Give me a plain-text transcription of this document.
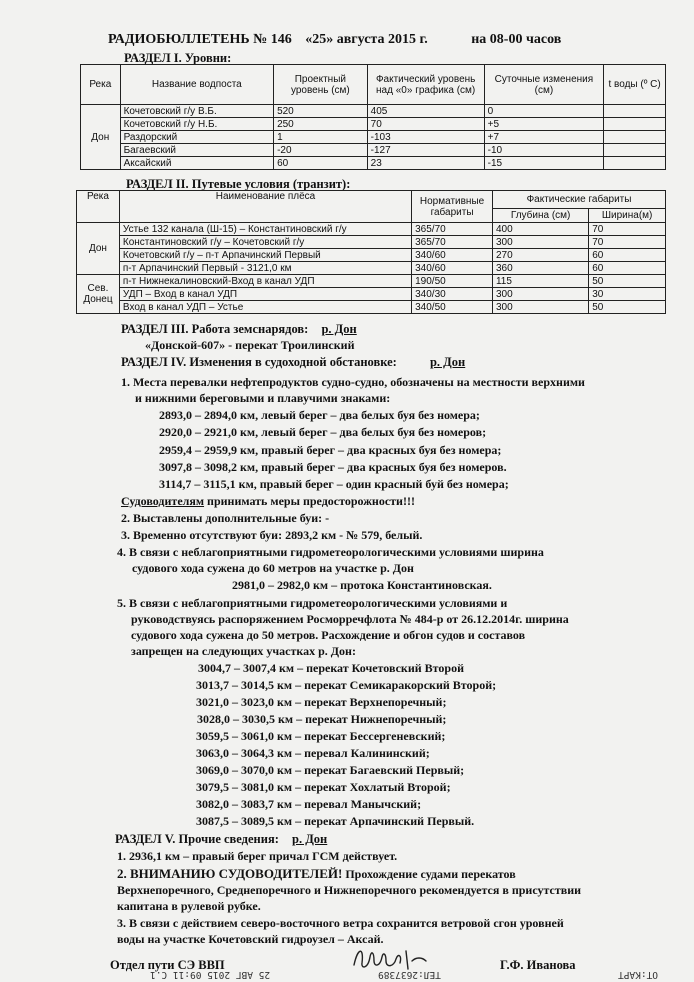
РАДИОБЮЛЛЕТЕНЬ № 146 «25» августа 2015 г.	на 08-00 часов
РАЗДЕЛ I. Уровни:
Река	Название водпоста	Проектный уровень (см)	Фактический уровень над «0» графика (см)	Суточные изменения (см)	t воды (º С)
Дон	Кочетовский г/у В.Б.	520	405	0	
	Кочетовский г/у Н.Б.	250	70	+5	
	Раздорский	1	-103	+7	
	Багаевский	-20	-127	-10	
	Аксайский	60	23	-15	
РАЗДЕЛ II. Путевые условия (транзит):
Река	Наименование плёса	Нормативные габариты	Фактические габариты	
			Глубина (см)	Ширина(м)
Дон	Устье 132 канала (Ш-15) – Константиновский г/у	365/70	400	70
	Константиновский г/у – Кочетовский г/у	365/70	300	70
	Кочетовский г/у – п-т Арпачинский Первый	340/60	270	60
	п-т Арпачинский Первый - 3121,0 км	340/60	360	60
Сев. Донец	п-т Нижнекалиновский-Вход в канал УДП	190/50	115	50
	УДП – Вход в канал УДП	340/30	300	30
	Вход в канал УДП – Устье	340/50	300	50
РАЗДЕЛ III. Работа земснарядов: р. Дон
«Донской-607» - перекат Троилинский
РАЗДЕЛ IV. Изменения в судоходной обстановке:	р. Дон
1. Места перевалки нефтепродуктов судно-судно, обозначены на местности верхними
и нижними береговыми и плавучими знаками:
2893,0 – 2894,0 км, левый берег – два белых буя без номера;
2920,0 – 2921,0 км, левый берег – два белых буя без номеров;
2959,4 – 2959,9 км, правый берег – два красных буя без номера;
3097,8 – 3098,2 км, правый берег – два красных буя без номеров.
3114,7 – 3115,1 км, правый берег – один красный буй без номера;
Судоводителям принимать меры предосторожности!!!
2. Выставлены дополнительные буи: -
3. Временно отсутствуют буи: 2893,2 км - № 579, белый.
4. В связи с неблагоприятными гидрометеорологическими условиями ширина
судового хода сужена до 60 метров на участке р. Дон
2981,0 – 2982,0 км – протока Константиновская.
5. В связи с неблагоприятными гидрометеорологическими условиями и
руководствуясь распоряжением Росморречфлота № 484-р от 26.12.2014г. ширина
судового хода сужена до 50 метров. Расхождение и обгон судов и составов
запрещен на следующих участках р. Дон:
3004,7 – 3007,4 км – перекат Кочетовский Второй
3013,7 – 3014,5 км – перекат Семикаракорский Второй;
3021,0 – 3023,0 км – перекат Верхнепоречный;
3028,0 – 3030,5 км – перекат Нижнепоречный;
3059,5 – 3061,0 км – перекат Бессергеневский;
3063,0 – 3064,3 км – перевал Калининский;
3069,0 – 3070,0 км – перекат Багаевский Первый;
3079,5 – 3081,0 км – перекат Хохлатый Второй;
3082,0 – 3083,7 км – перевал Манычский;
3087,5 – 3089,5 км – перекат Арпачинский Первый.
РАЗДЕЛ V. Прочие сведения: р. Дон
1. 2936,1 км – правый берег причал ГСМ действует.
2. ВНИМАНИЮ СУДОВОДИТЕЛЕЙ! Прохождение судами перекатов
Верхнепоречного, Среднепоречного и Нижнепоречного рекомендуется в присутствии
капитана в рулевой рубке.
3. В связи с действием северо-восточного ветра сохранится ветровой сгон уровней
воды на участке Кочетовский гидроузел – Аксай.
Отдел пути СЭ ВВП	Г.Ф. Иванова
ОТ:КАРТ
ТЕЛ:2637389
25 АВГ 2015 09:11 С.1
